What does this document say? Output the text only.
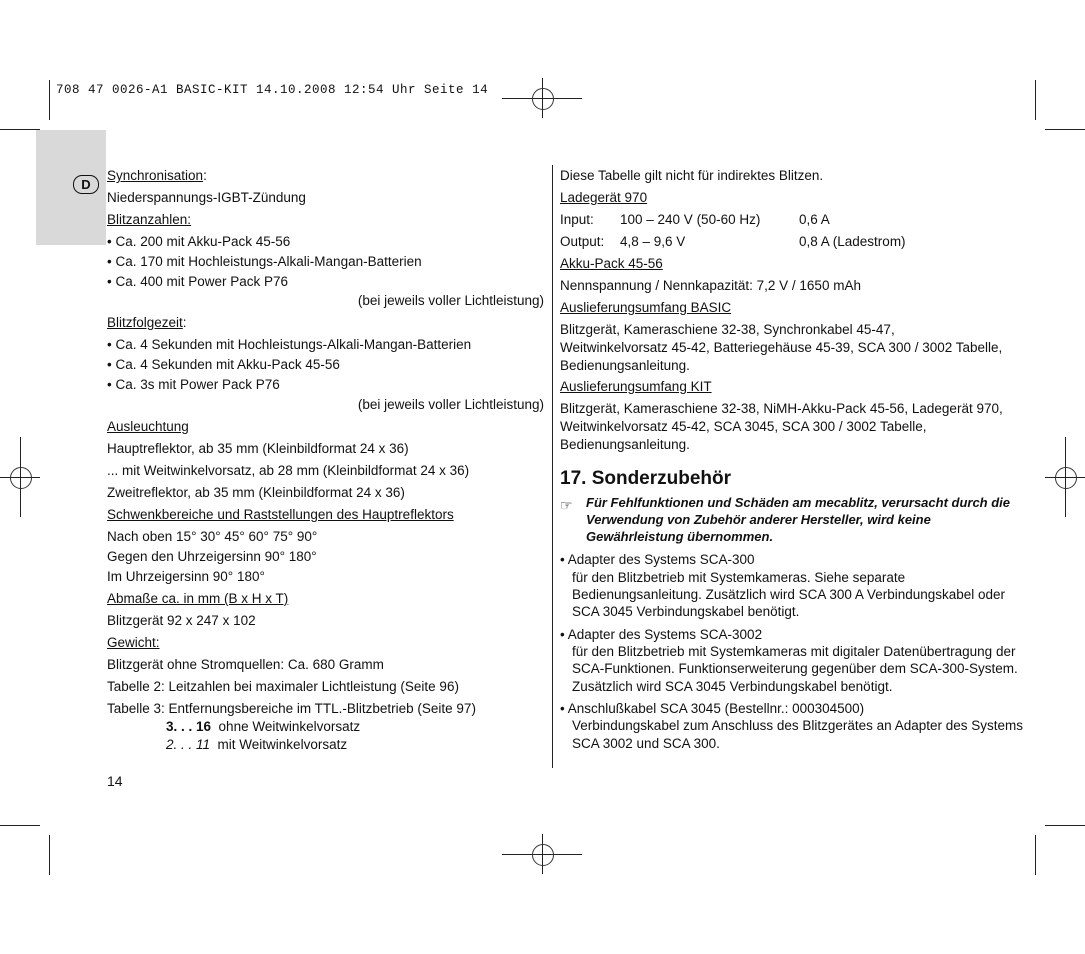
708 47 0026-A1 BASIC-KIT 14.10.2008 12:54 Uhr Seite 14
D
Synchronisation:
Niederspannungs-IGBT-Zündung
Blitzanzahlen:
• Ca. 200 mit Akku-Pack 45-56
• Ca. 170 mit Hochleistungs-Alkali-Mangan-Batterien
• Ca. 400 mit Power Pack P76
(bei jeweils voller Lichtleistung)
Blitzfolgezeit:
• Ca. 4 Sekunden mit Hochleistungs-Alkali-Mangan-Batterien
• Ca. 4 Sekunden mit Akku-Pack 45-56
• Ca. 3s mit Power Pack P76
(bei jeweils voller Lichtleistung)
Ausleuchtung
Hauptreflektor, ab 35 mm (Kleinbildformat 24 x 36)
... mit Weitwinkelvorsatz, ab 28 mm (Kleinbildformat 24 x 36)
Zweitreflektor, ab 35 mm (Kleinbildformat 24 x 36)
Schwenkbereiche und Raststellungen des Hauptreflektors
Nach oben 15° 30° 45° 60° 75° 90°
Gegen den Uhrzeigersinn 90° 180°
Im Uhrzeigersinn 90° 180°
Abmaße ca. in mm (B x H x T)
Blitzgerät 92 x 247 x 102
Gewicht:
Blitzgerät ohne Stromquellen: Ca. 680 Gramm
Tabelle 2: Leitzahlen bei maximaler Lichtleistung (Seite 96)
Tabelle 3: Entfernungsbereiche im TTL.-Blitzbetrieb (Seite 97)
3. . . 16 ohne Weitwinkelvorsatz
2. . . 11 mit Weitwinkelvorsatz
14
Diese Tabelle gilt nicht für indirektes Blitzen.
Ladegerät 970
Input: 100 – 240 V (50-60 Hz)	0,6 A
Output: 4,8 – 9,6 V	0,8 A (Ladestrom)
Akku-Pack 45-56
Nennspannung / Nennkapazität: 7,2 V / 1650 mAh
Auslieferungsumfang BASIC
Blitzgerät, Kameraschiene 32-38, Synchronkabel 45-47,
Weitwinkelvorsatz 45-42, Batteriegehäuse 45-39, SCA 300 / 3002 Tabelle,
Bedienungsanleitung.
Auslieferungsumfang KIT
Blitzgerät, Kameraschiene 32-38, NiMH-Akku-Pack 45-56, Ladegerät 970,
Weitwinkelvorsatz 45-42, SCA 3045, SCA 300 / 3002 Tabelle,
Bedienungsanleitung.
17. Sonderzubehör
☞ Für Fehlfunktionen und Schäden am mecablitz, verursacht durch die
Verwendung von Zubehör anderer Hersteller, wird keine
Gewährleistung übernommen.
• Adapter des Systems SCA-300
für den Blitzbetrieb mit Systemkameras. Siehe separate
Bedienungsanleitung. Zusätzlich wird SCA 300 A Verbindungskabel oder
SCA 3045 Verbindungskabel benötigt.
• Adapter des Systems SCA-3002
für den Blitzbetrieb mit Systemkameras mit digitaler Datenübertragung der
SCA-Funktionen. Funktionserweiterung gegenüber dem SCA-300-System.
Zusätzlich wird SCA 3045 Verbindungskabel benötigt.
• Anschlußkabel SCA 3045 (Bestellnr.: 000304500)
Verbindungskabel zum Anschluss des Blitzgerätes an Adapter des Systems
SCA 3002 und SCA 300.
